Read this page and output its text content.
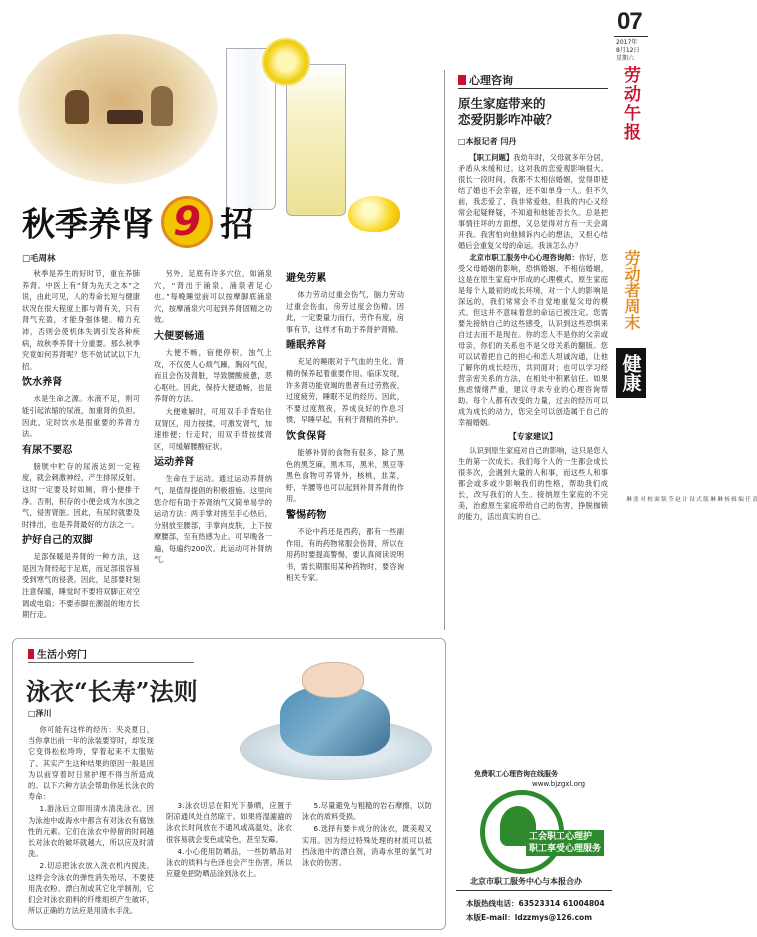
07
2017年
8月12日
星期六
劳动午报
劳动者周末
健康
责任编辑 杨琳琳
版式设计 赵莹
版面校对 张 琳
秋季养肾 9 招
□毛周林

秋季是养生的好时节，重在养肺养肾。中医上有“肾为先天之本”之说，由此可见，人的寿命长短与健康状况在很大程度上都与肾有关，只有肾气充盈，才能身强体健。精力充沛，否则会使机体失调引发各种疾病，故秋季养肾十分重要。那么秋季究竟如何养肾呢？您不妨试试以下九招。

饮水养肾

水是生命之源。水液不足，则可能引起浓缩的尿液，加重肾的负担。因此，定时饮水是很重要的养肾方法。

有尿不要忍

膀胱中贮存的尿液达到一定程度，就会刺激神经，产生排尿反射。这时一定要及时如厕，将小便排干净。否则，积存的小便会成为水浊之气，侵害肾脏。因此，有尿时就要及时排出，也是养肾最好的方法之一。

护好自己的双脚

足部保暖是养肾的一种方法，这是因为肾经起于足底，而足部很容易受到寒气的侵袭。因此，足部要时刻注意保暖，睡觉时不要将双脚正对空调或电扇；不要赤脚在潮湿的地方长期行走。

另外，足底有许多穴位，如涌泉穴，“肾出于涌泉，涌泉者足心也。”每晚睡觉前可以按摩脚底涌泉穴，按摩涌泉穴可起到养肾固精之功效。

大便要畅通

大便不畅，宿便停积，浊气上攻，不仅使人心烦气躁，胸闷气促，而且会伤及肾脏，导致腰酸疲惫，恶心呕吐。因此，保持大便通畅，也是养肾的方法。

大便难解时，可用双手手背贴住双肾区，用力按揉，可激发肾气，加速排便；行走时，用双手背按揉肾区，可缓解腰酸症状。

运动养肾

生命在于运动。通过运动养肾纳气，是值得提倡的积极措施。这里向您介绍有助于养肾纳气又简单易学的运动方法：两手掌对搓至手心热后，分别放至腰部，手掌向皮肤，上下按摩腰部，至有热感为止。可早晚各一遍，每遍约200次。此运动可补肾纳气。

避免劳累

体力劳动过重会伤气，脑力劳动过重会伤血，房劳过度会伤精。因此，一定要量力而行，劳作有度，房事有节，这样才有助于养肾护肾精。

睡眠养肾

充足的睡眠对于气血的生化、肾精的保养起着重要作用。临床发现，许多肾功能衰竭的患者有过劳熬夜，过度疲劳，睡眠不足的经历。因此，不要过度熬夜，养成良好的作息习惯，早睡早起，有利于肾精的养护。

饮食保肾

能够补肾的食物有很多，除了黑色的黑芝麻，黑木耳，黑米，黑豆等黑色食物可养肾外，核桃，韭菜，虾，羊腰等也可以起到补肾养肾的作用。

警惕药物

不论中药还是西药，都有一些副作用，有的药物常服会伤肾，所以在用药时要提高警惕，要认真阅读说明书，需长期服用某种药物时，要咨询相关专家。

心理咨询
原生家庭带来的
恋爱阴影咋冲破？
□本报记者 闫丹

【职工问题】我幼年时，父母就多年分居，矛盾从未缓和过。这对我的恋爱观影响很大。很长一段时间，我都不太相信婚姻，觉得即使结了婚也不会幸福，还不如单身一人。但不久前，我恋爱了，我非常爱他，但我的内心又经常会起疑释疑，不知道和他能否长久。总是把事情往坏的方面想，又总觉得对方有一天会离开我。我害怕向他倾诉内心的想法，又担心结婚后会重复父母的命运。我该怎么办？

北京市职工服务中心心理咨询师：你好，您受父母婚姻的影响，恐惧婚姻、不相信婚姻，这是在原生家庭中形成的心理模式。原生家庭是每个人最初的成长环境，对一个人的影响是深远的，我们常常会不自觉地重复父母的模式。但这并不意味着您的命运已被注定。您需要先接纳自己的这些感受，认识到这些恐惧来自过去而不是现在。你的恋人不是你的父亲或母亲，你们的关系也不是父母关系的翻版。您可以试着把自己的担心和恋人坦诚沟通，让他了解你的成长经历，共同面对；也可以学习经营亲密关系的方法，在相处中积累信任。如果焦虑情绪严重，建议寻求专业的心理咨询帮助。每个人都有改变的力量，过去的经历可以成为成长的动力，您完全可以创造属于自己的幸福婚姻。

【专家建议】

认识到原生家庭对自己的影响，这只是您人生的第一次成长。我们每个人的一生都会成长很多次，会遇到大量的人和事，而这些人和事都会或多或少影响我们的性格，帮助我们成长，改写我们的人生。接纳原生家庭的不完美，治愈原生家庭带给自己的伤害，挣脱枷锁的能力，活出真实的自己。

生活小窍门
泳衣“长寿”法则
□泽川

你可能有这样的经历：夹炎夏日，当你拿出前一年的泳装要穿时，却发现它变得松松垮垮，穿着起来不太服贴了。其实产生这种结果的原因一般是因为以前穿着时日常护理不得当所造成的。以下六种方法会帮助你延长泳衣的寿命：

1.游泳后立即用清水清洗泳衣。因为泳池中或海水中都含有对泳衣有腐蚀性的元素。它们在泳衣中停留的时间越长对泳衣的破坏就越大，所以应及时清洗。

2.切忌把泳衣放入洗衣机内搅洗，这样会令泳衣的弹性消失殆尽，不要使用洗衣粉、漂白剂或其它化学制剂，它们会对泳衣面料的纤维组织产生破坏，所以正确的方法应是用清水手洗。

3.泳衣切忌在阳光下暴晒，应置于阴凉通风处自然晾干。如果将湿漉漉的泳衣长时间放在不通风或高温处，泳衣很容易就会变色或染色，甚至发霉。

4.小心使用防晒品，一些防晒品对泳衣的质料与色泽也会产生伤害，所以应避免把防晒品涂到泳衣上。

5.尽量避免与粗糙的岩石摩擦，以防泳衣的质料受损。

6.选择有要卡成分的泳衣，既美观又实用。因为经过特殊处理的材质可以抵挡泳池中的漂白剂，消毒水里的氯气对泳衣的伤害。

免费职工心理咨询在线服务
www.bjzgxl.org
工会职工心理护
职工享受心理服务
北京市职工服务中心与本报合办
本版热线电话：63523314 61004804
本版E-mail：ldzzmys@126.com
